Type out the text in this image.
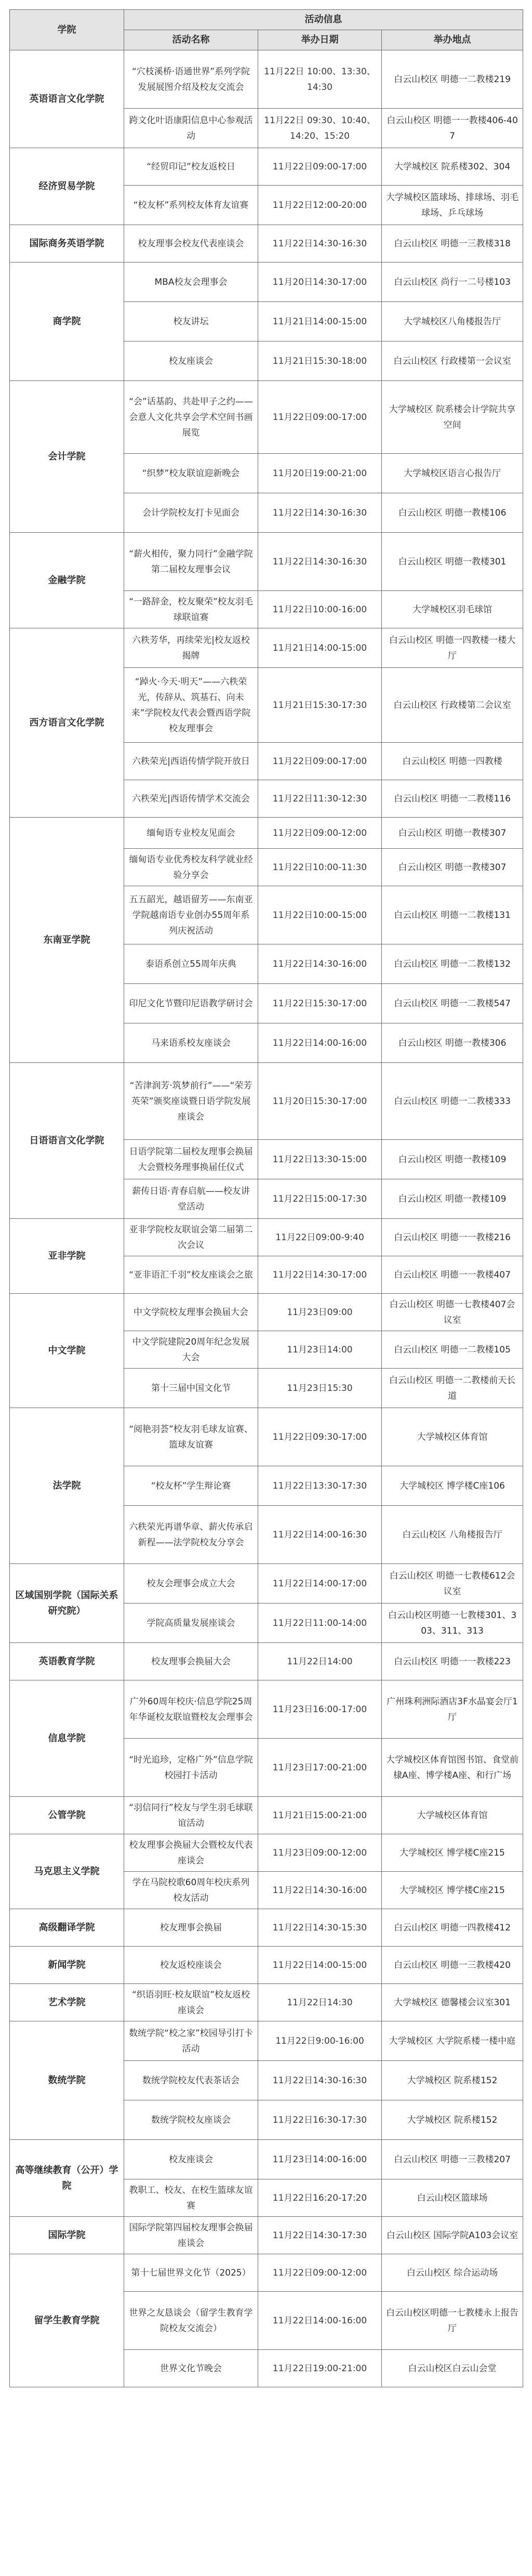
学院	活动信息		
	活动名称	举办日期	举办地点
英语语言文化学院	“穴枝溪桥·语通世界”系列学院发展展图介绍及校友交流会	11月22日 10:00、13:30、14:30	白云山校区 明德一二教楼219
	跨文化叶语康阳信息中心参观活动	11月22日 09:30、10:40、14:20、15:20	白云山校区 明德一一教楼406-407
经济贸易学院	“经贸印记”校友返校日	11月22日09:00-17:00	大学城校区 院系楼302、304
	“校友杯”系列校友体育友谊赛	11月22日12:00-20:00	大学城校区篮球场、排球场、羽毛球场、乒乓球场
国际商务英语学院	校友理事会校友代表座谈会	11月22日14:30-16:30	白云山校区 明德一三教楼318
商学院	MBA校友会理事会	11月20日14:30-17:00	白云山校区 尚行一二号楼103
	校友讲坛	11月21日14:00-15:00	大学城校区八角楼报告厅
	校友座谈会	11月21日15:30-18:00	白云山校区 行政楼第一会议室
会计学院	“会”话基韵、共赴甲子之约——会意人文化共享会学术空间书画展览	11月22日09:00-17:00	大学城校区 院系楼会计学院共享空间
	“织梦”校友联谊迎新晚会	11月20日19:00-21:00	大学城校区语言心报告厅
	会计学院校友打卡见面会	11月22日14:30-16:30	白云山校区 明德一教楼106
金融学院	“薪火相传，聚力同行”金融学院第二届校友理事会议	11月22日14:30-16:30	白云山校区 明德一教楼301
	“一路辞金，校友聚荣”校友羽毛球联谊赛	11月22日10:00-16:00	大学城校区羽毛球馆
西方语言文化学院	六秩芳华，再续荣光|校友返校揭牌	11月21日14:00-15:00	白云山校区 明德一四教楼一楼大厅
	“踔火·今天·明天”——六秩荣光，传辞从、筑基石、向未来”学院校友代表会暨西语学院校友理事会	11月21日15:30-17:30	白云山校区 行政楼第二会议室
	六秩荣光|西语传情学院开放日	11月22日09:00-17:00	白云山校区 明德一四教楼
	六秩荣光|西语传情学术交流会	11月22日11:30-12:30	白云山校区 明德一二教楼116
东南亚学院	缅甸语专业校友见面会	11月22日09:00-12:00	白云山校区 明德一教楼307
	缅甸语专业优秀校友科学就业经验分享会	11月22日10:00-11:30	白云山校区 明德一教楼307
	五五韶光，越语留芳——东南亚学院越南语专业创办55周年系列庆祝活动	11月22日10:00-15:00	白云山校区 明德一二教楼131
	泰语系创立55周年庆典	11月22日14:30-16:00	白云山校区 明德一二教楼132
	印尼文化节暨印尼语教学研讨会	11月22日15:30-17:00	白云山校区 明德一二教楼547
	马来语系校友座谈会	11月22日14:00-16:00	白云山校区 明德一教楼306
日语语言文化学院	“苦津润芳·筑梦前行”——“荣芳英荣”颁奖座谈暨日语学院发展座谈会	11月20日15:30-17:00	白云山校区 明德一二教楼333
	日语学院第二届校友理事会换届大会暨校务理事换届任仪式	11月22日13:30-15:00	白云山校区 明德一教楼109
	薪传日语·青春启航——校友讲堂活动	11月22日15:00-17:30	白云山校区 明德一教楼109
亚非学院	亚非学院校友联谊会第二届第二次会议	11月22日09:00-9:40	白云山校区 明德一一教楼216
	“亚非语汇千羽”校友座谈会之旅	11月22日14:30-17:00	白云山校区 明德一一教楼407
中文学院	中文学院校友理事会换届大会	11月23日09:00	白云山校区 明德一七教楼407会议室
	中文学院建院20周年纪念发展大会	11月23日14:00	白云山校区 明德一二教楼105
	第十三届中国文化节	11月23日15:30	白云山校区 明德一二教楼前天长道
法学院	“阅艳羽荟”校友羽毛球友谊赛、篮球友谊赛	11月22日09:30-17:00	大学城校区体育馆
	“校友杯”学生辩论赛	11月22日13:30-17:30	大学城校区 博学楼C座106
	六秩荣光再谱华章、薪火传承启新程——法学院校友分享会	11月22日14:00-16:30	白云山校区 八角楼报告厅
区域国别学院（国际关系研究院）	校友会理事会成立大会	11月22日14:00-17:00	白云山校区 明德一七教楼612会议室
	学院高质量发展座谈会	11月22日11:00-14:00	白云山校区明德一七教楼301、303、311、313
英语教育学院	校友理事会换届大会	11月22日14:00	白云山校区 明德一一教楼223
信息学院	广外60周年校庆·信息学院25周年华诞校友联谊暨校友会理事会	11月23日16:00-17:00	广州珠利洲际酒店3F水晶宴会厅1厅
	“时光追珍，定格广外”信息学院校园打卡活动	11月23日17:00-21:00	大学城校区体育馆图书馆、食堂前棣A座、博学楼A座、和行广场
公管学院	“羽信同行”校友与学生羽毛球联谊活动	11月21日15:00-21:00	大学城校区体育馆
马克思主义学院	校友理事会换届大会暨校友代表座谈会	11月23日09:00-12:00	大学城校区 博学楼C座215
	学在马院校歌60周年校庆系列校友活动	11月22日14:30-16:00	大学城校区 博学楼C座215
高级翻译学院	校友理事会换届	11月22日14:30-15:30	白云山校区 明德一四教楼412
新闻学院	校友返校座谈会	11月22日14:00-15:00	白云山校区 明德一三教楼420
艺术学院	“织语羽旺·校友联谊”校友返校座谈会	11月22日14:30	大学城校区 德馨楼会议室301
数统学院	数统学院“校之家”校园导引打卡活动	11月22日9:00-16:00	大学城校区 大学院系楼一楼中庭
	数统学院校友代表茶话会	11月22日14:30-16:30	大学城校区 院系楼152
	数统学院校友座谈会	11月22日16:30-17:30	大学城校区 院系楼152
高等继续教育（公开）学院	校友座谈会	11月23日14:00-16:00	白云山校区 明德一三教楼207
	教职工、校友、在校生篮球友谊赛	11月22日16:20-17:20	白云山校区篮球场
国际学院	国际学院第四届校友理事会换届座谈会	11月22日14:30-17:30	白云山校区 国际学院A103会议室
留学生教育学院	第十七届世界文化节（2025）	11月22日09:00-12:00	白云山校区 综合运动场
	世界之友恳谈会（留学生教育学院校友交流会）	11月22日14:00-16:00	白云山校区明德一七教楼永上报告厅
	世界文化节晚会	11月22日19:00-21:00	白云山校区白云山会堂
